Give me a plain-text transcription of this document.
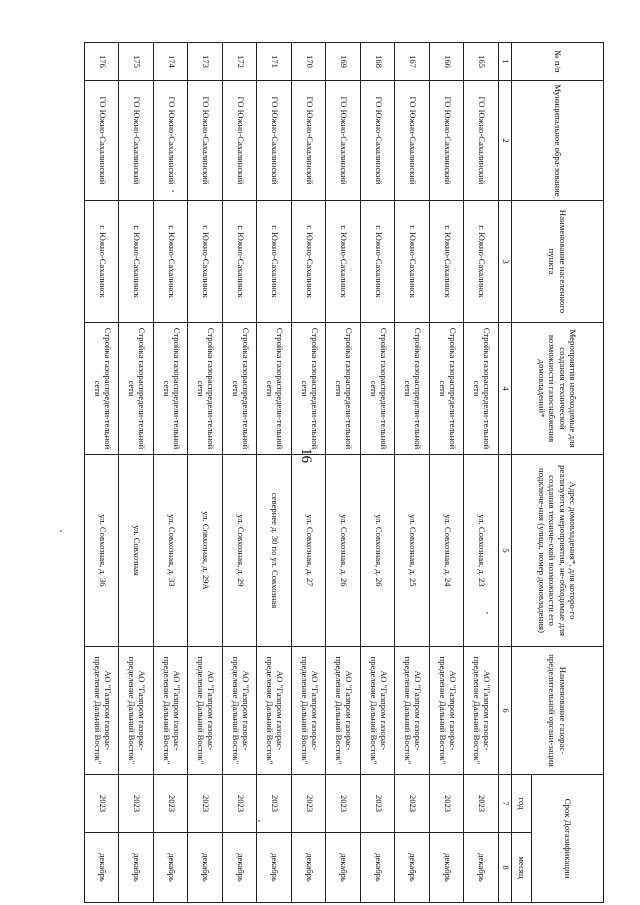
16
№ п/п	Муниципальное обра-зование	Наименование населенного пункта	Мероприятия необходимые для создания технической возможности газоснабжения домовладений*	Адрес домовладения*, для которо-го реализуются мероприятия, не-обходимые для создания техниче-ской возможности его подключе-ния (улица, номер домовладения)	Наименование газорас-пределительной органи-зации	Срок Догазификации	
						год	месяц
1	2	3	4	5	6	7	8
165	ГО Южно-Сахалинский	г. Южно-Сахалинск	Стройка газораспредели-тельной сети	ул. Совхозная, д. 23	АО "Газпром газорас-пределение Дальний Восток"	2023	декабрь
166	ГО Южно-Сахалинский	г. Южно-Сахалинск	Стройка газораспредели-тельной сети	ул. Совхозная, д. 24	АО "Газпром газорас-пределение Дальний Восток"	2023	декабрь
167	ГО Южно-Сахалинский	г. Южно-Сахалинск	Стройка газораспредели-тельной сети	ул. Совхозная, д. 25	АО "Газпром газорас-пределение Дальний Восток"	2023	декабрь
168	ГО Южно-Сахалинский	г. Южно-Сахалинск	Стройка газораспредели-тельной сети	ул. Совхозная, д. 26	АО "Газпром газорас-пределение Дальний Восток"	2023	декабрь
169	ГО Южно-Сахалинский	г. Южно-Сахалинск	Стройка газораспредели-тельной сети	ул. Совхозная, д. 26	АО "Газпром газорас-пределение Дальний Восток"	2023	декабрь
170	ГО Южно-Сахалинский	г. Южно-Сахалинск	Стройка газораспредели-тельной сети	ул. Совхозная, д. 27	АО "Газпром газорас-пределение Дальний Восток"	2023	декабрь
171	ГО Южно-Сахалинский	г. Южно-Сахалинск	Стройка газораспредели-тельной сети	севернее д. 30 по ул. Совхозная	АО "Газпром газорас-пределение Дальний Восток"	2023	декабрь
172	ГО Южно-Сахалинский	г. Южно-Сахалинск	Стройка газораспредели-тельной сети	ул. Совхозная, д. 29	АО "Газпром газорас-пределение Дальний Восток"	2023	декабрь
173	ГО Южно-Сахалинский	г. Южно-Сахалинск	Стройка газораспредели-тельной сети	ул. Совхозная, д. 29А	АО "Газпром газорас-пределение Дальний Восток"	2023	декабрь
174	ГО Южно-Сахалинский	г. Южно-Сахалинск	Стройка газораспредели-тельной сети	ул. Совхозная, д. 33	АО "Газпром газорас-пределение Дальний Восток"	2023	декабрь
175	ГО Южно-Сахалинский	г. Южно-Сахалинск	Стройка газораспредели-тельной сети	ул. Совхозная	АО "Газпром газорас-пределение Дальний Восток"	2023	декабрь
176	ГО Южно-Сахалинский	г. Южно-Сахалинск	Стройка газораспредели-тельной сети	ул. Совхозная, д. 36	АО "Газпром газорас-пределение Дальний Восток"	2023	декабрь
